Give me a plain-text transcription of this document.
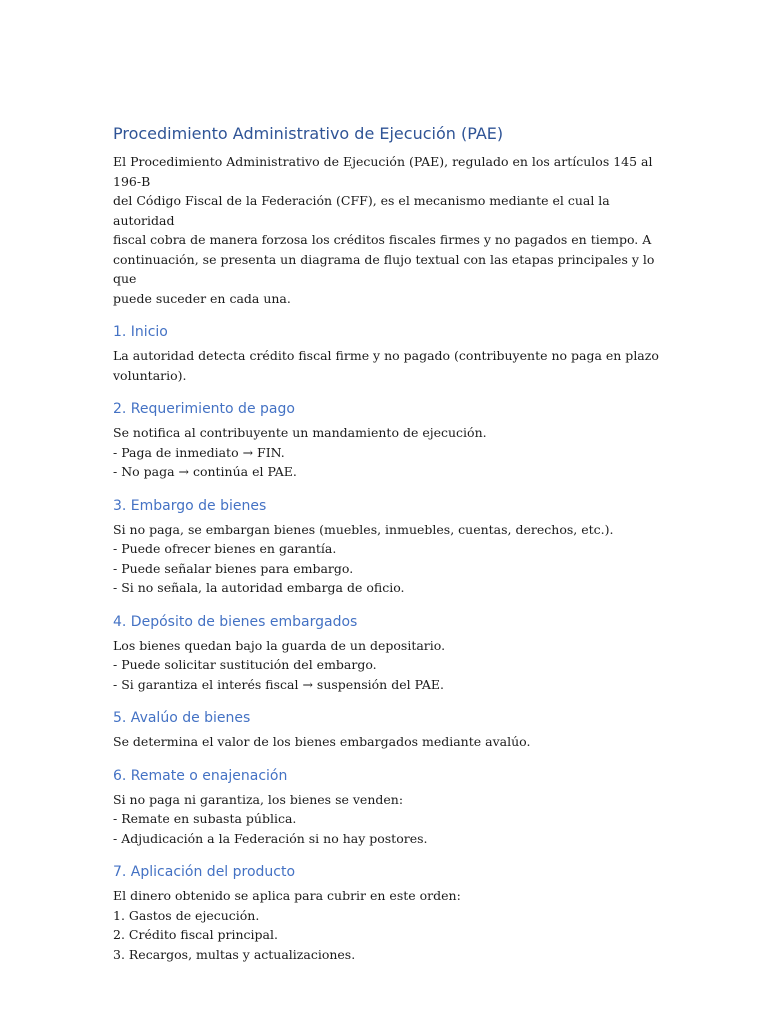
Procedimiento Administrativo de Ejecución (PAE)

El Procedimiento Administrativo de Ejecución (PAE), regulado en los artículos 145 al 196-B
del Código Fiscal de la Federación (CFF), es el mecanismo mediante el cual la autoridad
fiscal cobra de manera forzosa los créditos fiscales firmes y no pagados en tiempo. A
continuación, se presenta un diagrama de flujo textual con las etapas principales y lo que
puede suceder en cada una.

1. Inicio

La autoridad detecta crédito fiscal firme y no pagado (contribuyente no paga en plazo
voluntario).

2. Requerimiento de pago

Se notifica al contribuyente un mandamiento de ejecución.
- Paga de inmediato → FIN.
- No paga → continúa el PAE.

3. Embargo de bienes

Si no paga, se embargan bienes (muebles, inmuebles, cuentas, derechos, etc.).
- Puede ofrecer bienes en garantía.
- Puede señalar bienes para embargo.
- Si no señala, la autoridad embarga de oficio.

4. Depósito de bienes embargados

Los bienes quedan bajo la guarda de un depositario.
- Puede solicitar sustitución del embargo.
- Si garantiza el interés fiscal → suspensión del PAE.

5. Avalúo de bienes

Se determina el valor de los bienes embargados mediante avalúo.

6. Remate o enajenación

Si no paga ni garantiza, los bienes se venden:
- Remate en subasta pública.
- Adjudicación a la Federación si no hay postores.

7. Aplicación del producto

El dinero obtenido se aplica para cubrir en este orden:
1. Gastos de ejecución.
2. Crédito fiscal principal.
3. Recargos, multas y actualizaciones.
